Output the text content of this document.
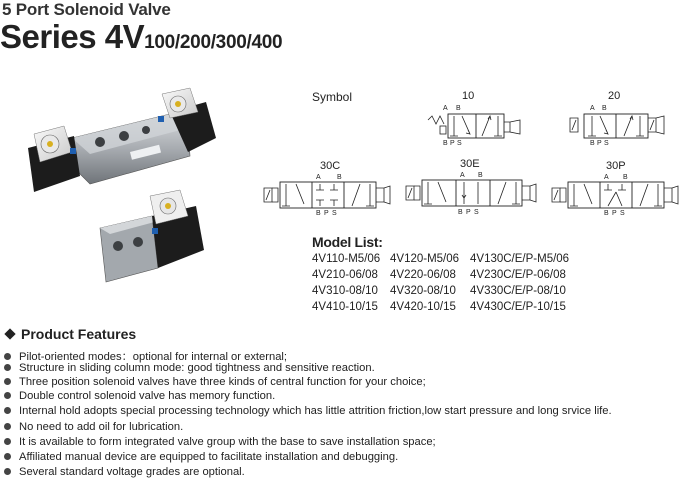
5 Port Solenoid Valve
Series 4V100/200/300/400
Symbol	10
A B
B P S
20
A B
B P S
30C
A B
B P S
30E
A B
B P S
30P
A B
B P S
Model List:
4V110-M5/06 4V120-M5/06 4V130C/E/P-M5/06
4V210-06/08 4V220-06/08 4V230C/E/P-06/08
4V310-08/10 4V320-08/10 4V330C/E/P-08/10
4V410-10/15 4V420-10/15 4V430C/E/P-10/15
Product Features
Pilot-oriented modes：optional for internal or external;
Structure in sliding column mode: good tightness and sensitive reaction.
Three position solenoid valves have three kinds of central function for your choice;
Double control solenoid valve has memory function.
Internal hold adopts special processing technology which has little attrition friction,low start pressure and long srvice life.
No need to add oil for lubrication.
It is available to form integrated valve group with the base to save installation space;
Affiliated manual device are equipped to facilitate installation and debugging.
Several standard voltage grades are optional.
